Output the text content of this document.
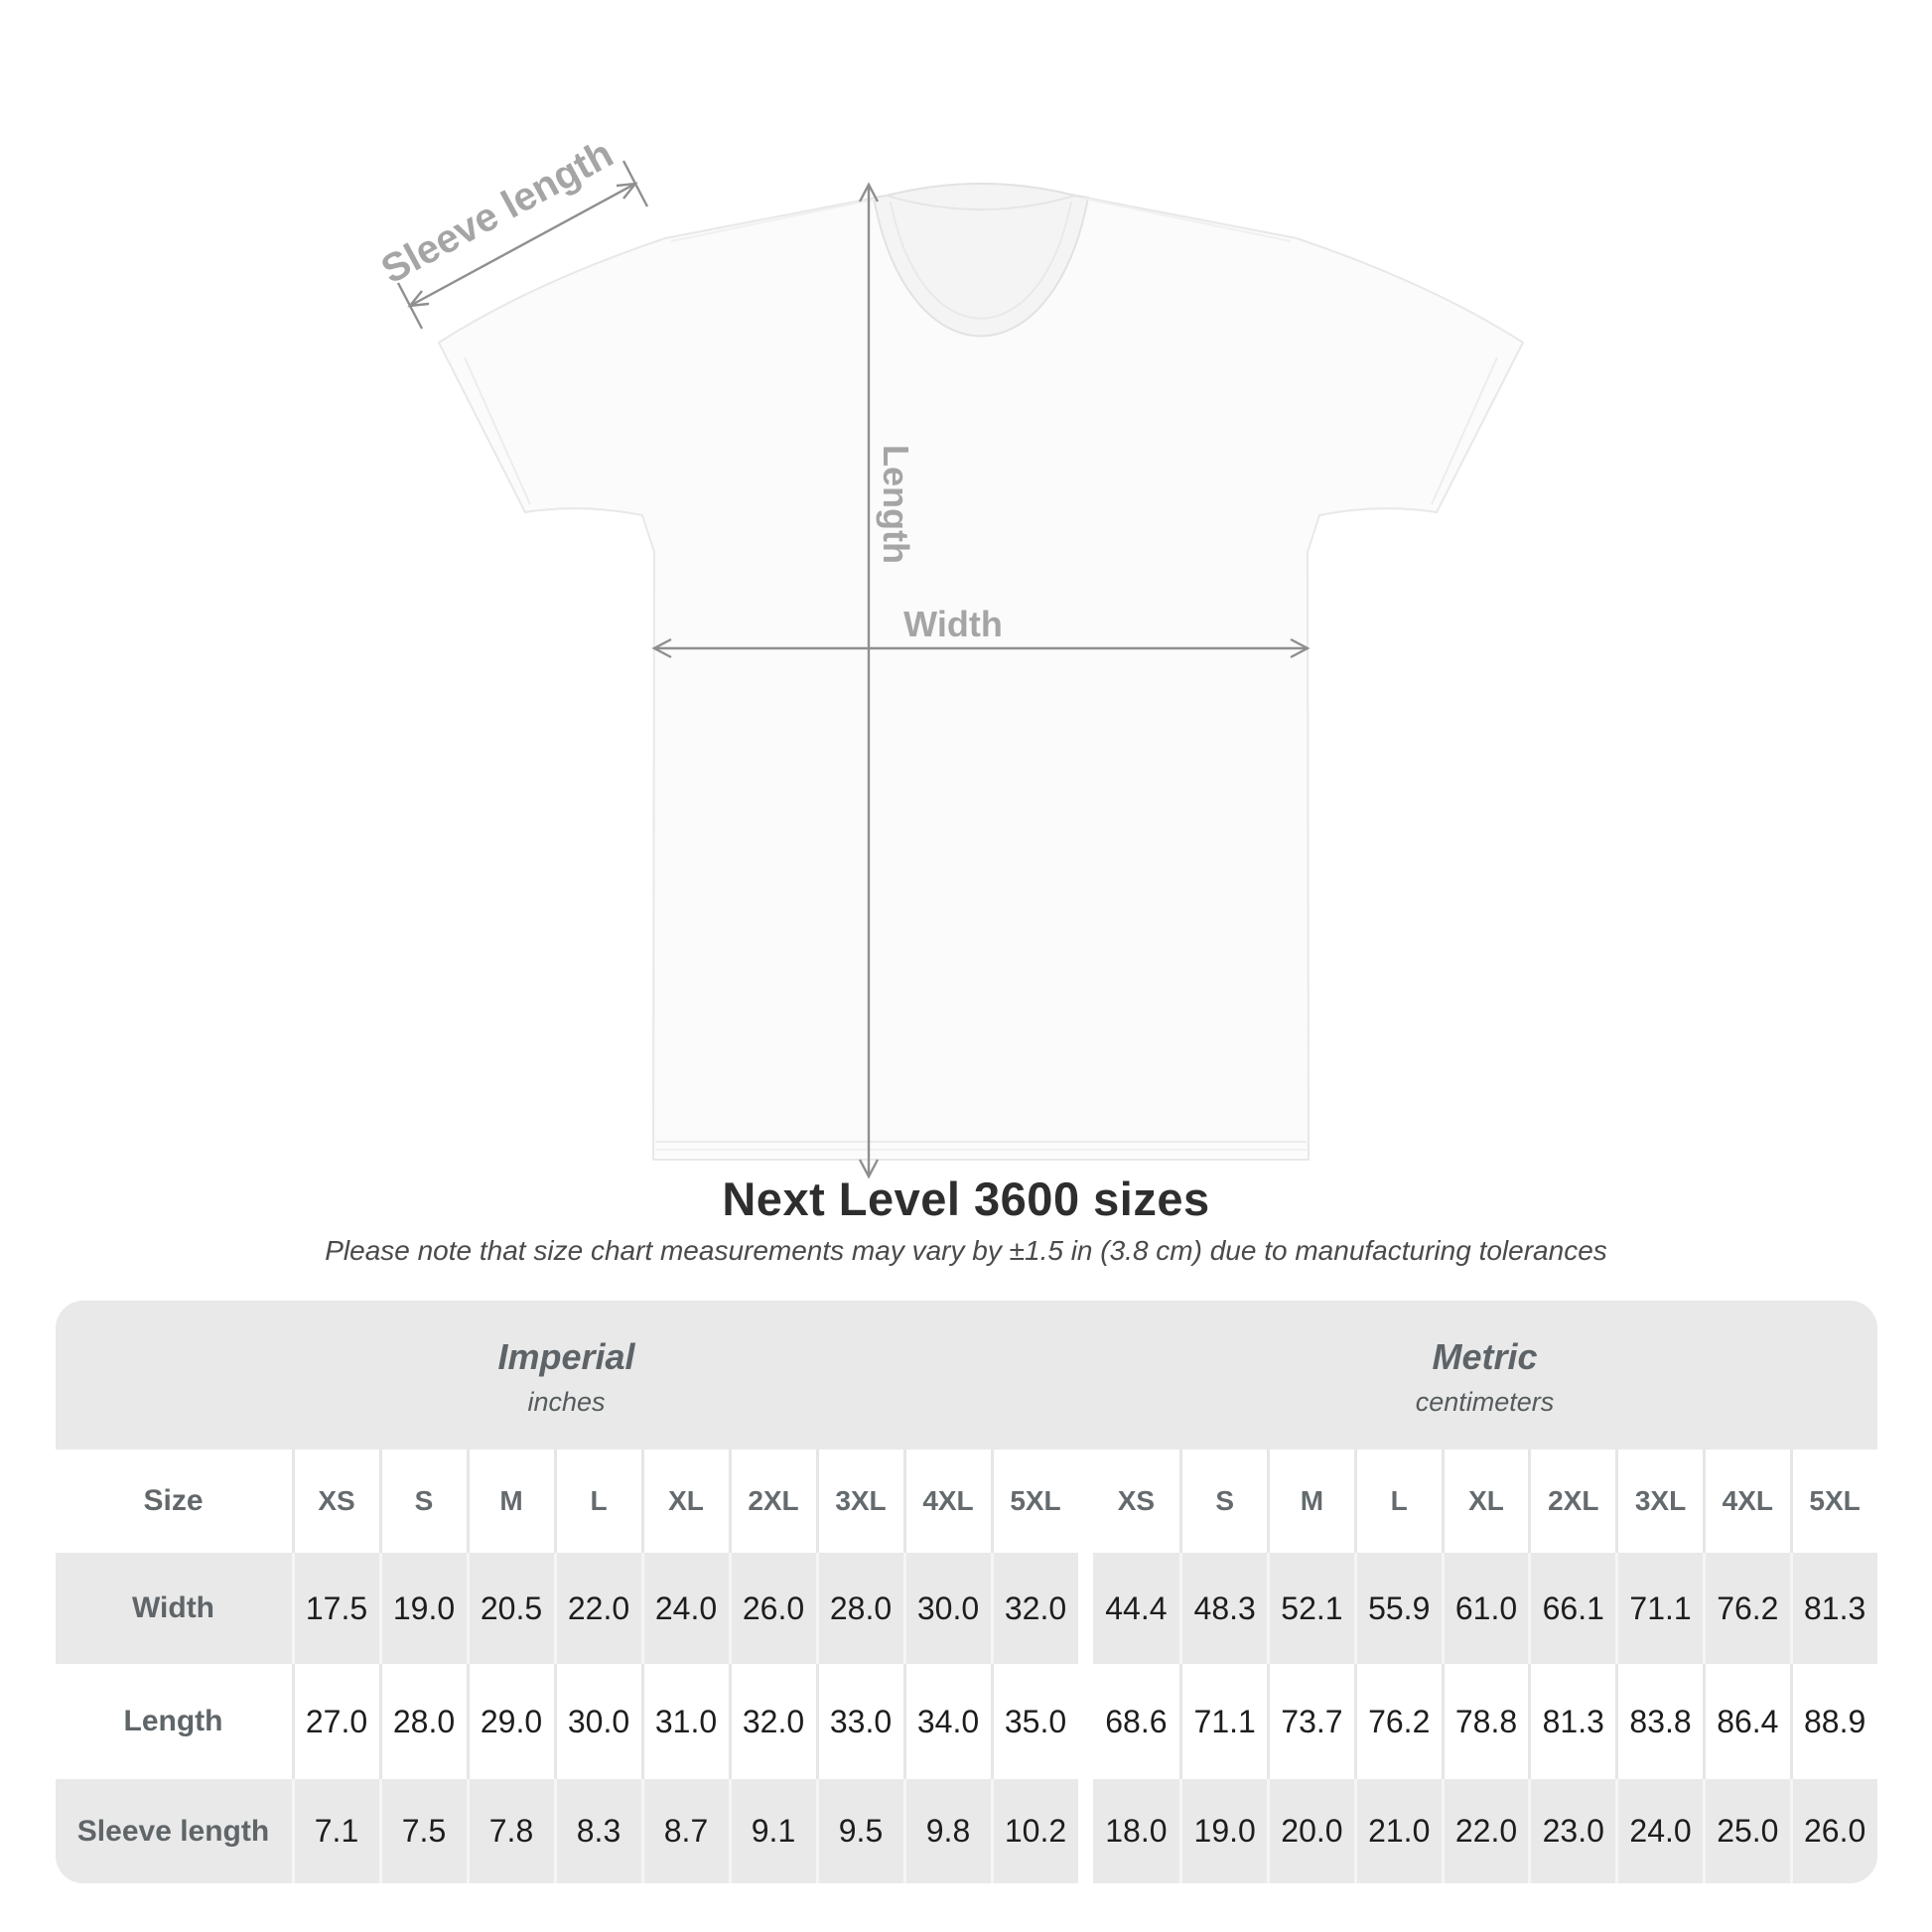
Sleeve length
Length
Width
Next Level 3600 sizes

Please note that size chart measurements may vary by ±1.5 in (3.8 cm) due to manufacturing tolerances

Imperial
inches
Metric
centimeters
Size	XS	S	M	L	XL	2XL	3XL	4XL	5XL	XS	S	M	L	XL	2XL	3XL	4XL	5XL
Width	17.5 19.0 20.5 22.0 24.0 26.0 28.0 30.0 32.0	44.4 48.3 52.1 55.9 61.0 66.1 71.1 76.2 81.3
Length	27.0 28.0 29.0 30.0 31.0 32.0 33.0 34.0 35.0	68.6 71.1 73.7 76.2 78.8 81.3 83.8 86.4 88.9
Sleeve length	7.1	7.5	7.8	8.3	8.7	9.1	9.5	9.8	10.2	18.0 19.0 20.0 21.0 22.0 23.0 24.0 25.0 26.0
